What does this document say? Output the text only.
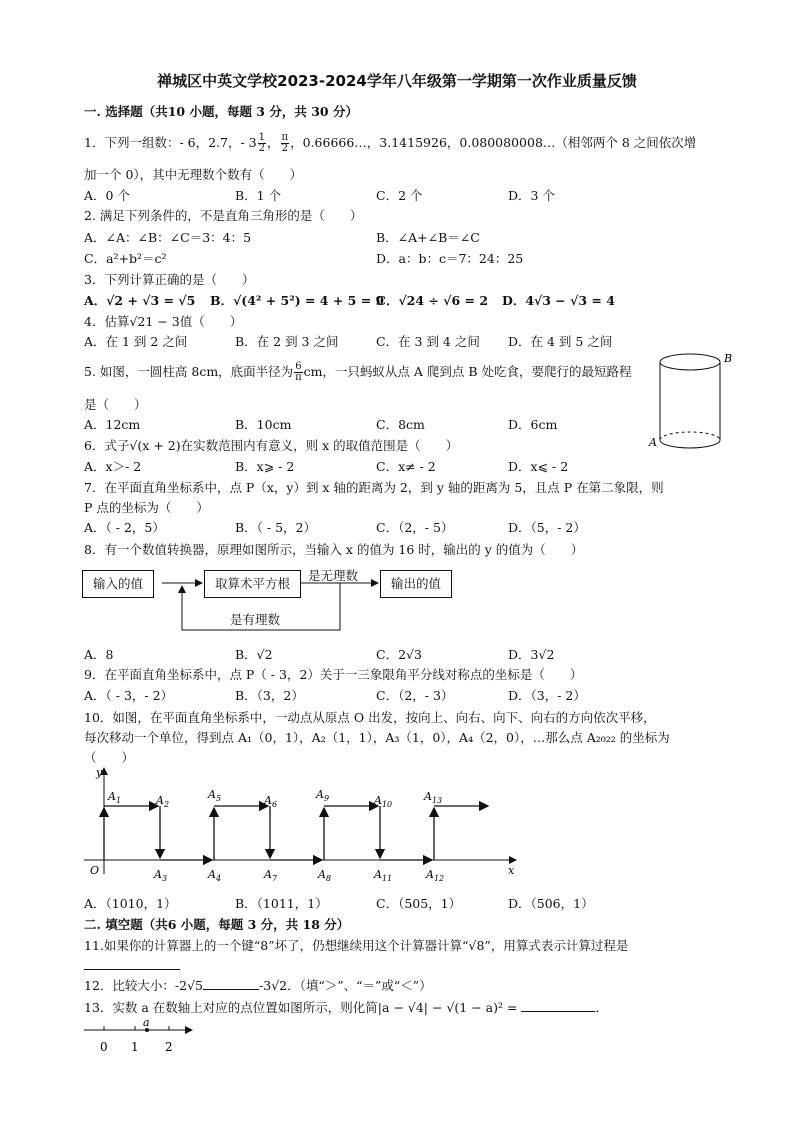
禅城区中英文学校2023-2024学年八年级第一学期第一次作业质量反馈
一. 选择题（共10 小题，每题 3 分，共 30 分）
1．下列一组数：- 6，2.7，- $3 \frac{1}{2}$ ， $\frac{\pi}{2}$ ，0.66666…，3.1415926，0.080080008…（相邻两个 8 之间依次增
加一个 0），其中无理数个数有（　　）
A．0 个	B．1 个	C．2 个	D．3 个
2. 满足下列条件的，不是直角三角形的是（　　）
A．∠A：∠B：∠C＝3：4：5	B．∠A+∠B＝∠C
C．a²+b²＝c²	D．a：b：c＝7：24：25
3．下列计算正确的是（　　）
A．√2 + √3 = √5 B．√(4² + 5²) = 4 + 5 = 9
C．√24 ÷ √6 = 2 D．4√3 − √3 = 4
4．估算√21 − 3值（　　）
A．在 1 到 2 之间	B．在 2 到 3 之间	C．在 3 到 4 之间 D．在 4 到 5 之间
5. 如图，一圆柱高 8cm，底面半径为 $\frac{6}{\pi}$ cm，一只蚂蚁从点 A 爬到点 B 处吃食，要爬行的最短路程
是（　　）
A．12cm	B．10cm	C．8cm	D．6cm
B
A
6．式子√(x + 2)在实数范围内有意义，则 x 的取值范围是（　　）
A．x＞- 2	B．x⩾ - 2	C．x≠ - 2	D．x⩽ - 2
7．在平面直角坐标系中，点 P（x，y）到 x 轴的距离为 2，到 y 轴的距离为 5，且点 P 在第二象限，则
P 点的坐标为（　　）
A．（ - 2，5）	B．（ - 5，2）	C．（2，- 5）	D．（5，- 2）
8．有一个数值转换器，原理如图所示，当输入 x 的值为 16 时，输出的 y 的值为（　　）
输入的值	取算术平方根
是无理数
输出的值
是有理数
A．8	B．√2	C．2√3	D．3√2
9．在平面直角坐标系中，点 P（ - 3，2）关于一三象限角平分线对称点的坐标是（　　）
A．（ - 3，- 2）	B．（3，2）	C．（2，- 3）	D．（3，- 2）
10．如图，在平面直角坐标系中，一动点从原点 O 出发，按向上、向右、向下、向右的方向依次平移，
每次移动一个单位，得到点 A₁（0，1），A₂（1，1），A₃（1，0），A₄（2，0），…那么点 A₂₀₂₂ 的坐标为
（　　）
y
x
O
$A_1$	$A_2$
$A_3$	$A_4$
$A_5$	$A_6$
$A_7$	$A_8$
$A_9$	$A_{10}$
$A_{11}$	$A_{12}$
$A_{13}$
A．（1010，1）	B．（1011，1）	C．（505，1）	D．（506，1）
二. 填空题（共6 小题，每题 3 分，共 18 分）
11.如果你的计算器上的一个键“8”坏了，仍想继续用这个计算器计算“√8”，用算式表示计算过程是
12．比较大小：-2√5	-3√2．（填“＞”、“＝”或“＜”）
13．实数 a 在数轴上对应的点位置如图所示，则化简|a − √4| − √(1 − a)² =	．
a
0 1 2
